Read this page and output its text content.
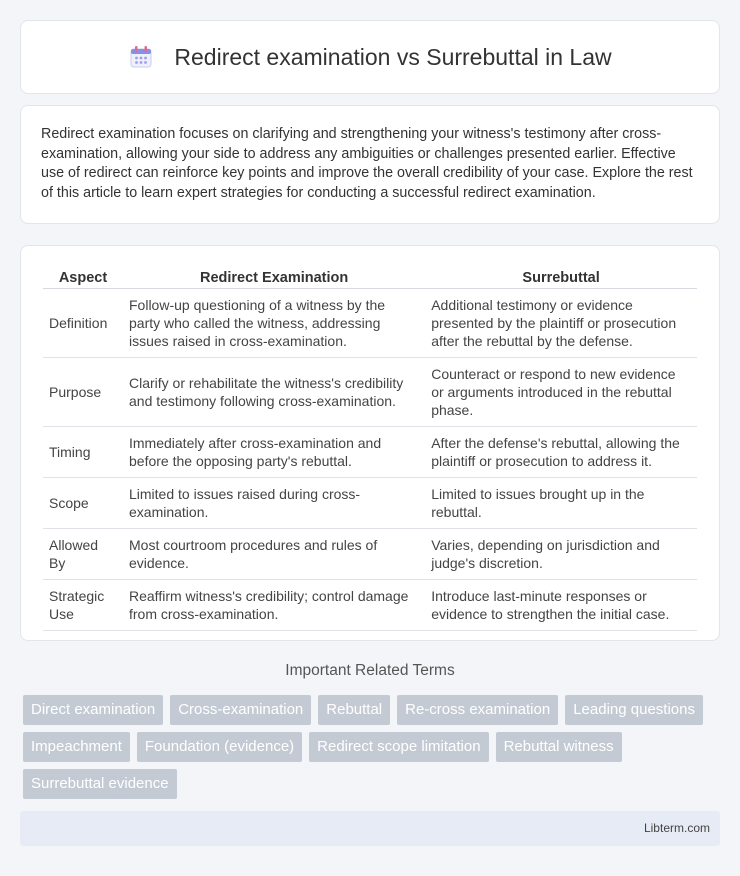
Redirect examination vs Surrebuttal in Law

Redirect examination focuses on clarifying and strengthening your witness's testimony after cross-examination, allowing your side to address any ambiguities or challenges presented earlier. Effective use of redirect can reinforce key points and improve the overall credibility of your case. Explore the rest of this article to learn expert strategies for conducting a successful redirect examination.

Aspect	Redirect Examination	Surrebuttal
Definition	Follow-up questioning of a witness by the party who called the witness, addressing issues raised in cross-examination.	Additional testimony or evidence presented by the plaintiff or prosecution after the rebuttal by the defense.
Purpose	Clarify or rehabilitate the witness's credibility and testimony following cross-examination.	Counteract or respond to new evidence or arguments introduced in the rebuttal phase.
Timing	Immediately after cross-examination and before the opposing party's rebuttal.	After the defense's rebuttal, allowing the plaintiff or prosecution to address it.
Scope	Limited to issues raised during cross-examination.	Limited to issues brought up in the rebuttal.
Allowed By	Most courtroom procedures and rules of evidence.	Varies, depending on jurisdiction and judge's discretion.
Strategic Use	Reaffirm witness's credibility; control damage from cross-examination.	Introduce last-minute responses or evidence to strengthen the initial case.
Important Related Terms
Direct examination	Cross-examination	Rebuttal	Re-cross examination	Leading questions
Impeachment	Foundation (evidence)	Redirect scope limitation	Rebuttal witness
Surrebuttal evidence
Libterm.com
